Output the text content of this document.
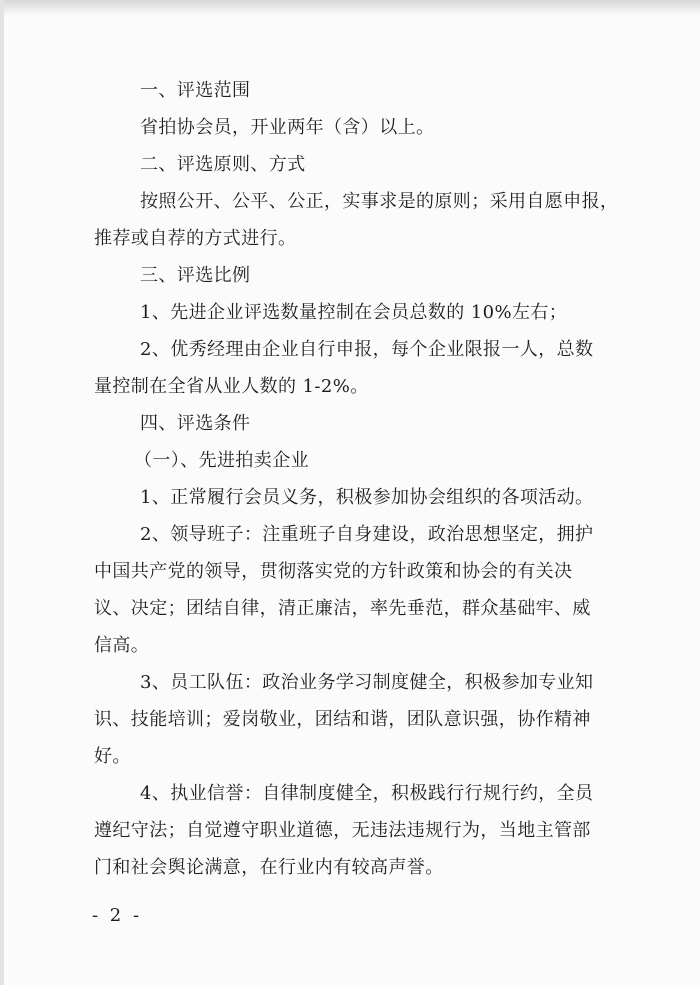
一、评选范围

省拍协会员，开业两年（含）以上。

二、评选原则、方式

按照公开、公平、公正，实事求是的原则；采用自愿申报，

推荐或自荐的方式进行。

三、评选比例

1、先进企业评选数量控制在会员总数的 10%左右；

2、优秀经理由企业自行申报，每个企业限报一人，总数

量控制在全省从业人数的 1-2%。

四、评选条件

（一）、先进拍卖企业

1、正常履行会员义务，积极参加协会组织的各项活动。

2、领导班子：注重班子自身建设，政治思想坚定，拥护

中国共产党的领导，贯彻落实党的方针政策和协会的有关决

议、决定；团结自律，清正廉洁，率先垂范，群众基础牢、威

信高。

3、员工队伍：政治业务学习制度健全，积极参加专业知

识、技能培训；爱岗敬业，团结和谐，团队意识强，协作精神

好。

4、执业信誉：自律制度健全，积极践行行规行约，全员

遵纪守法；自觉遵守职业道德，无违法违规行为，当地主管部

门和社会舆论满意，在行业内有较高声誉。

- 2 -
